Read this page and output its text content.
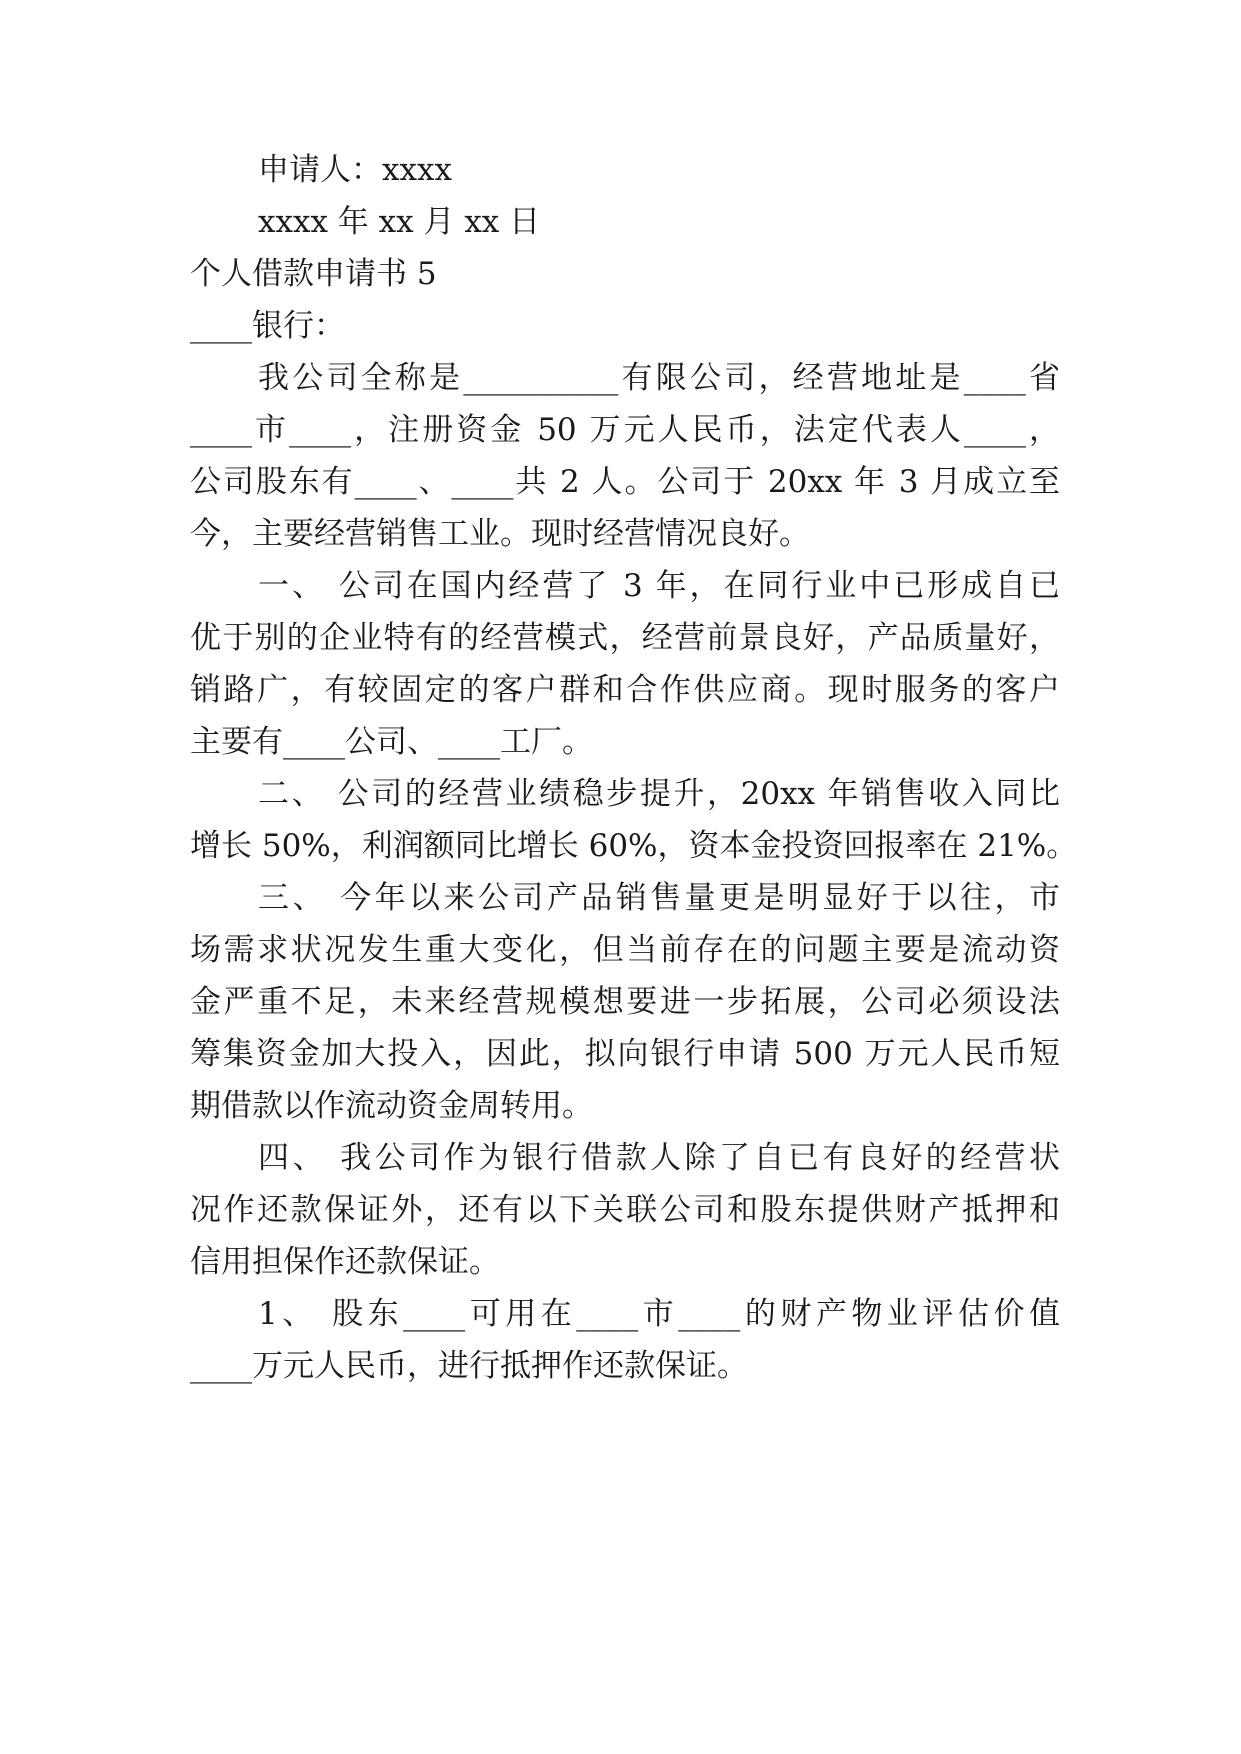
申请人：xxxx
xxxx 年 xx 月 xx 日
个人借款申请书 5
____银行：
我公司全称是__________有限公司，经营地址是____省
____市____，注册资金 50 万元人民币，法定代表人____，
公司股东有____、____共 2 人。公司于 20xx 年 3 月成立至
今，主要经营销售工业。现时经营情况良好。
一、 公司在国内经营了 3 年，在同行业中已形成自已
优于别的企业特有的经营模式，经营前景良好，产品质量好，
销路广，有较固定的客户群和合作供应商。现时服务的客户
主要有____公司、____工厂。
二、 公司的经营业绩稳步提升，20xx 年销售收入同比
增长 50%，利润额同比增长 60%，资本金投资回报率在 21%。
三、 今年以来公司产品销售量更是明显好于以往，市
场需求状况发生重大变化，但当前存在的问题主要是流动资
金严重不足，未来经营规模想要进一步拓展，公司必须设法
筹集资金加大投入，因此，拟向银行申请 500 万元人民币短
期借款以作流动资金周转用。
四、 我公司作为银行借款人除了自已有良好的经营状
况作还款保证外，还有以下关联公司和股东提供财产抵押和
信用担保作还款保证。
1、 股东____可用在____市____的财产物业评估价值
____万元人民币，进行抵押作还款保证。
